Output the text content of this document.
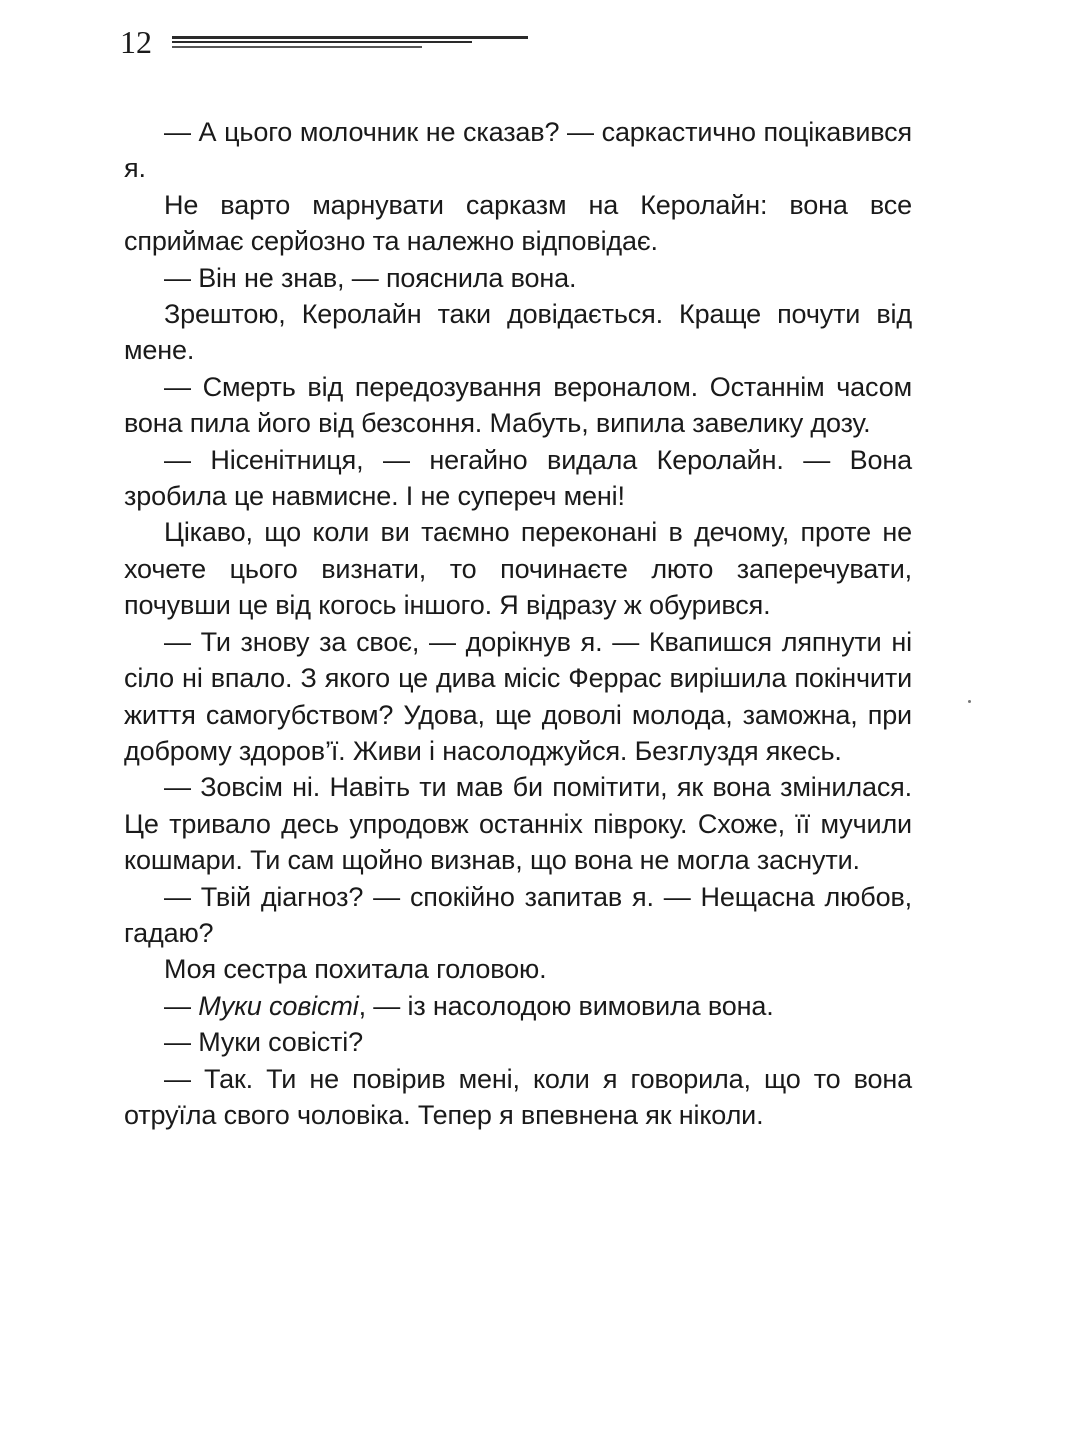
12

— А цього молочник не сказав? — саркастично поцікавився я.

Не варто марнувати сарказм на Керолайн: вона все сприймає серйозно та належно відповідає.

— Він не знав, — пояснила вона.

Зрештою, Керолайн таки довідається. Краще почути від мене.

— Смерть від передозування вероналом. Останнім часом вона пила його від безсоння. Мабуть, випила завелику дозу.

— Нісенітниця, — негайно видала Керолайн. — Вона зробила це навмисне. І не супереч мені!

Цікаво, що коли ви таємно переконані в дечому, проте не хочете цього визнати, то починаєте люто заперечувати, почувши це від когось іншого. Я відразу ж обурився.

— Ти знову за своє, — дорікнув я. — Квапишся ляпнути ні сіло ні впало. З якого це дива місіс Феррас вирішила покінчити життя самогубством? Удова, ще доволі молода, заможна, при доброму здоров’ї. Живи і насолоджуйся. Безглуздя якесь.

— Зовсім ні. Навіть ти мав би помітити, як вона змінилася. Це тривало десь упродовж останніх півроку. Схоже, її мучили кошмари. Ти сам щойно визнав, що вона не могла заснути.

— Твій діагноз? — спокійно запитав я. — Нещасна любов, гадаю?

Моя сестра похитала головою.

— Муки совісті, — із насолодою вимовила вона.

— Муки совісті?

— Так. Ти не повірив мені, коли я говорила, що то вона отруїла свого чоловіка. Тепер я впевнена як ніколи.
